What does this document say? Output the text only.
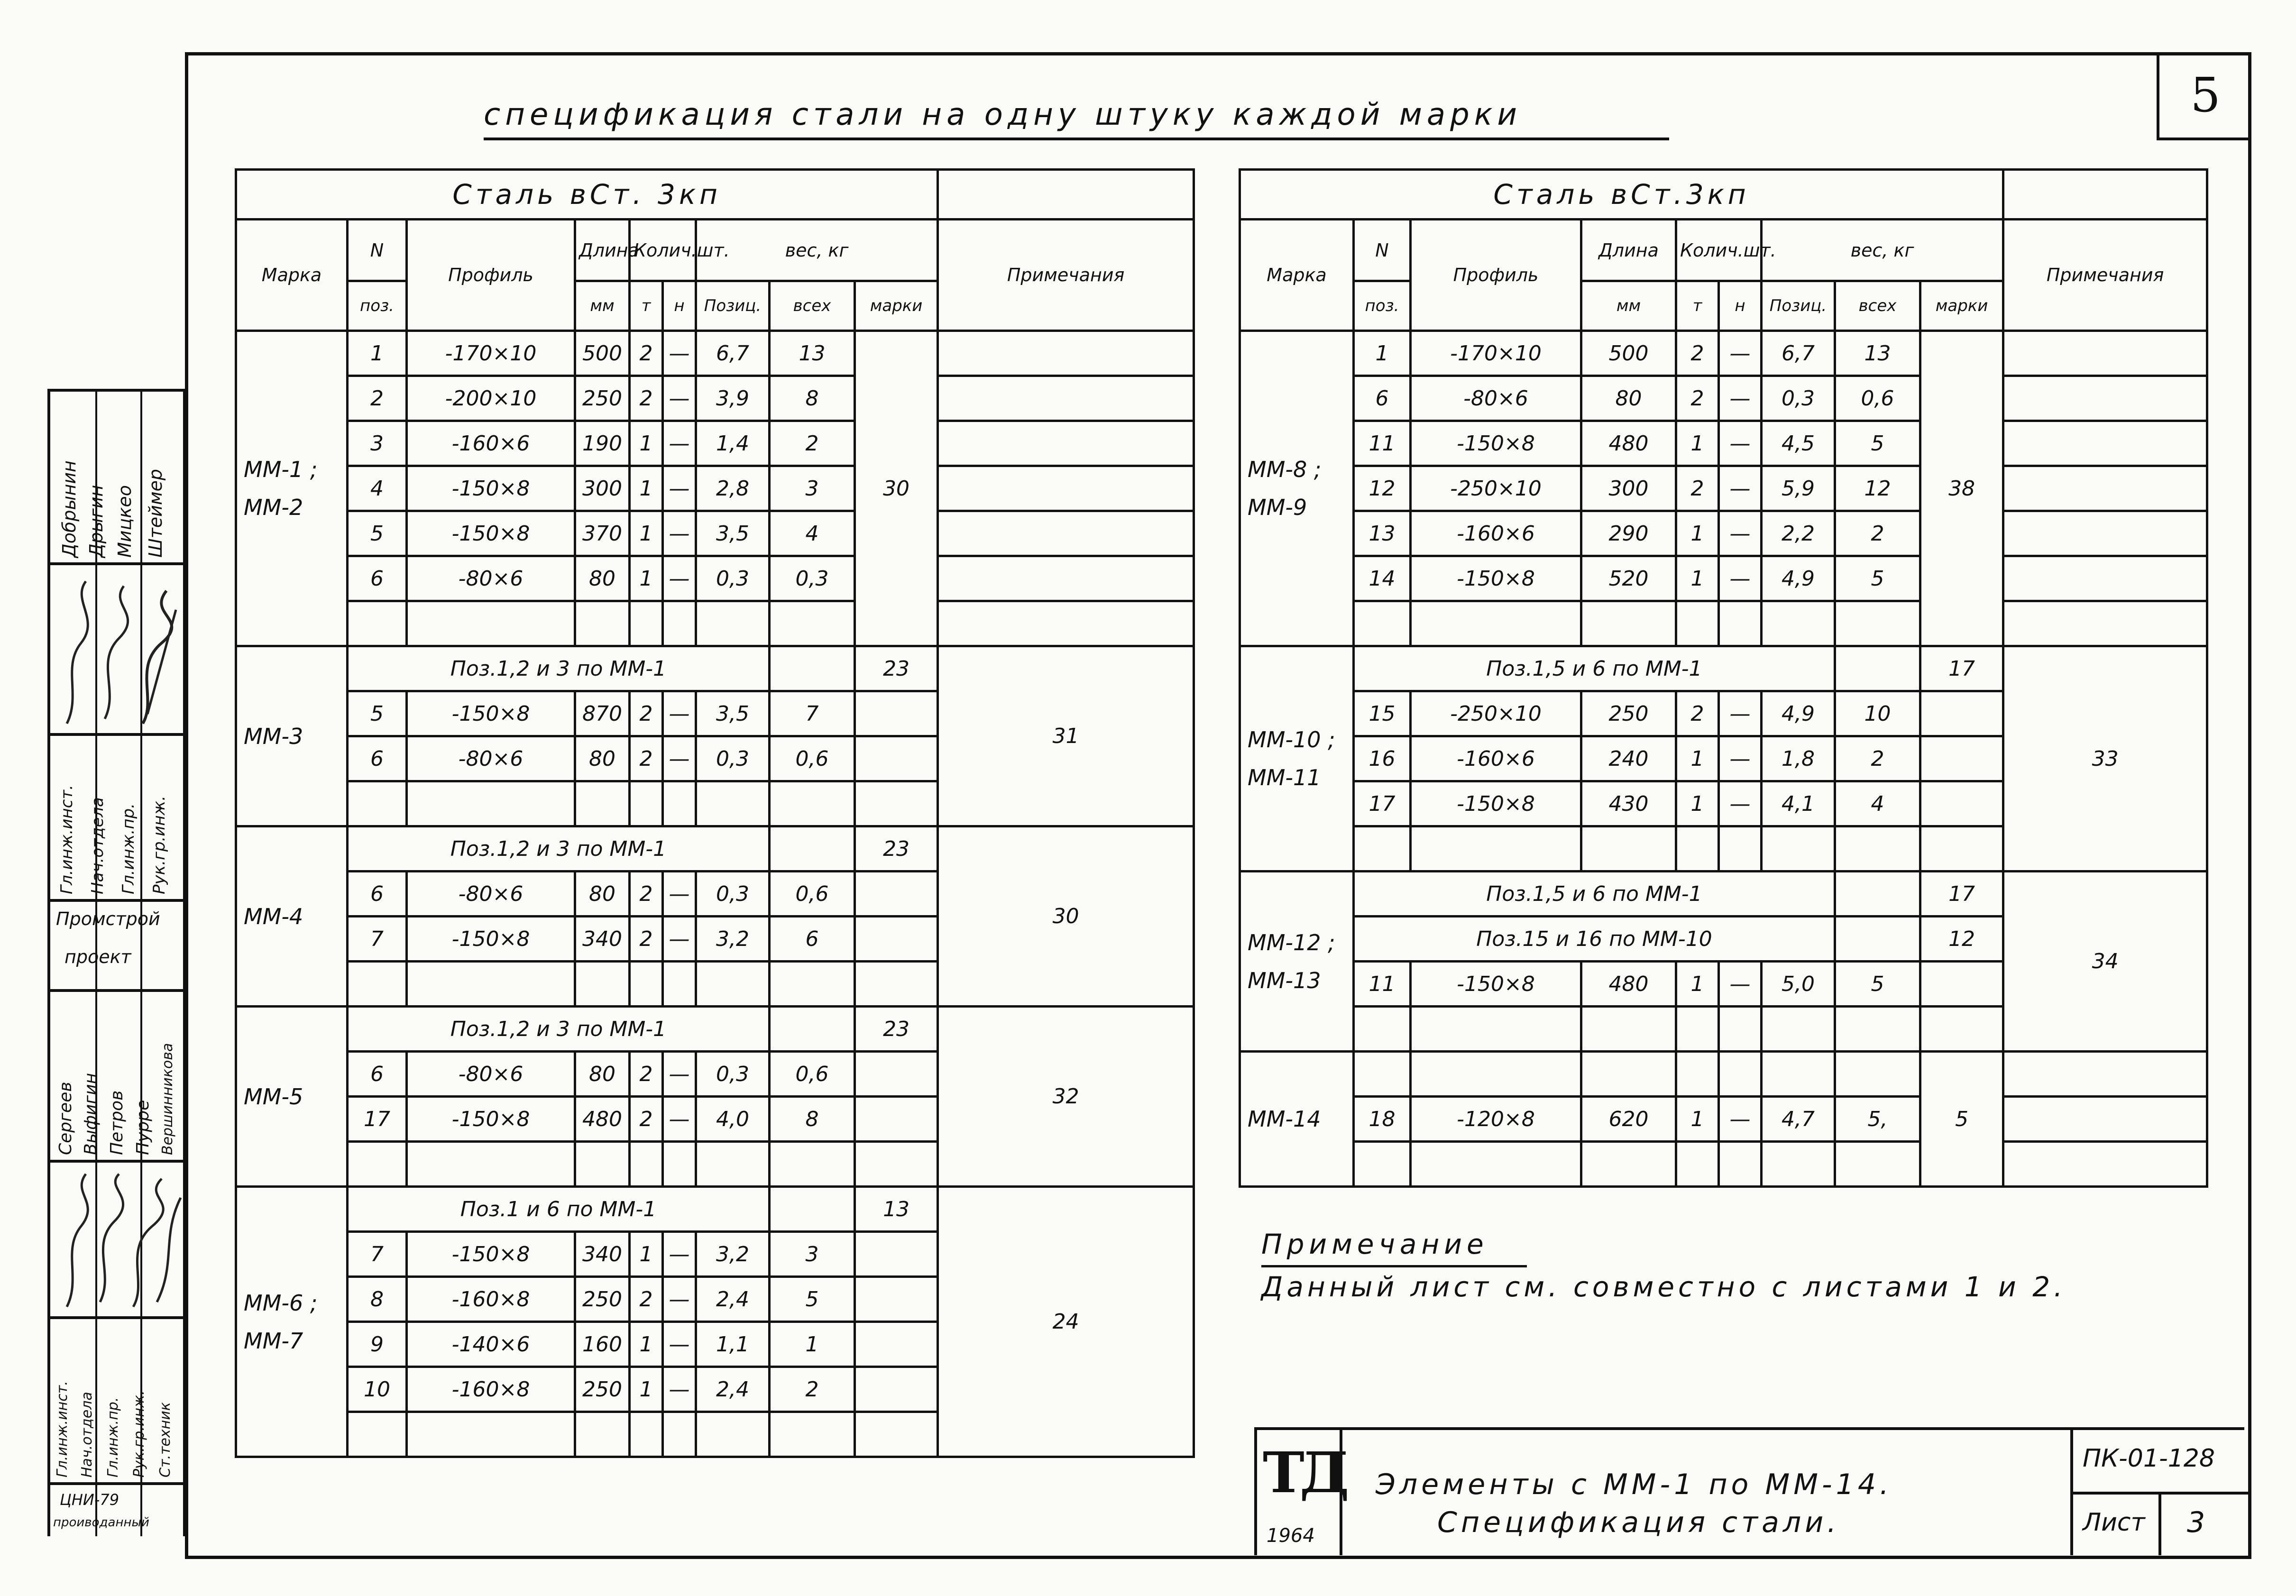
5
спецификация стали на одну штуку каждой марки
Сталь вСт. 3кп										
Марка	N	Профиль	Длина	Колич.шт.		вес, кг			Примечания	
	поз.		мм	т	н	Позиц.	всех	марки		
ММ-1 ;
ММ-2	1	-170×10	500	2	—	6,7	13	30		
	2	-200×10	250	2	—	3,9	8			
	3	-160×6	190	1	—	1,4	2			
	4	-150×8	300	1	—	2,8	3			
	5	-150×8	370	1	—	3,5	4			
	6	-80×6	80	1	—	0,3	0,3			

ММ-3	Поз.1,2 и 3 по ММ-1							23	31	
	5	-150×8	870	2	—	3,5	7			
	6	-80×6	80	2	—	0,3	0,6			

ММ-4	Поз.1,2 и 3 по ММ-1							23	30	
	6	-80×6	80	2	—	0,3	0,6			
	7	-150×8	340	2	—	3,2	6			

ММ-5	Поз.1,2 и 3 по ММ-1							23	32	
	6	-80×6	80	2	—	0,3	0,6			
	17	-150×8	480	2	—	4,0	8			

ММ-6 ;
ММ-7	Поз.1 и 6 по ММ-1							13	24	
	7	-150×8	340	1	—	3,2	3			
	8	-160×8	250	2	—	2,4	5			
	9	-140×6	160	1	—	1,1	1			
	10	-160×8	250	1	—	2,4	2			

Сталь вСт.3кп										
Марка	N	Профиль	Длина	Колич.шт.		вес, кг			Примечания	
	поз.		мм	т	н	Позиц.	всех	марки		
ММ-8 ;
ММ-9	1	-170×10	500	2	—	6,7	13	38		
	6	-80×6	80	2	—	0,3	0,6			
	11	-150×8	480	1	—	4,5	5			
	12	-250×10	300	2	—	5,9	12			
	13	-160×6	290	1	—	2,2	2			
	14	-150×8	520	1	—	4,9	5			

ММ-10 ;
ММ-11	Поз.1,5 и 6 по ММ-1							17	33	
	15	-250×10	250	2	—	4,9	10			
	16	-160×6	240	1	—	1,8	2			
	17	-150×8	430	1	—	4,1	4			

ММ-12 ;
ММ-13	Поз.1,5 и 6 по ММ-1							17	34	
	Поз.15 и 16 по ММ-10							12		
	11	-150×8	480	1	—	5,0	5			

ММ-14								5		
	18	-120×8	620	1	—	4,7	5,			

Примечание
Данный лист см. совместно с листами 1 и 2.
ТД
1964
Элементы с ММ-1 по ММ-14.
Спецификация стали.
ПК-01-128
Лист 3
Добрынин Дрыгин Мицкео Штеймер
Гл.инж.инст. Нач.отдела Гл.инж.пр. Рук.гр.инж.
Промстрой
проект
Сергеев Выфигин Петров Пурре Вершинникова
Гл.инж.инст. Нач.отдела Гл.инж.пр. Рук.гр.инж. Ст.техник
ЦНИ-79
проиводанный
